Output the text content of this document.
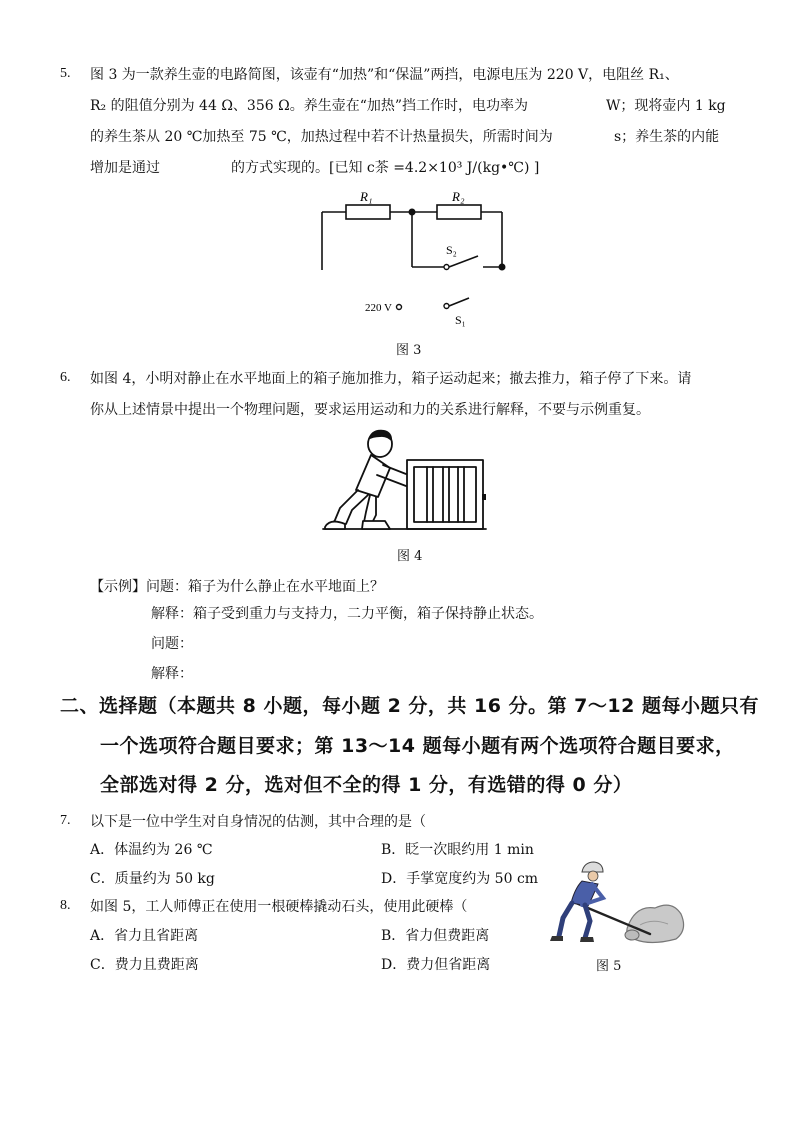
5. 图 3 为一款养生壶的电路简图，该壶有“加热”和“保温”两挡，电源电压为 220 V，电阻丝 R₁、
R₂ 的阻值分别为 44 Ω、356 Ω。养生壶在“加热”挡工作时，电功率为	W；现将壶内 1 kg
的养生茶从 20 ℃加热至 75 ℃，加热过程中若不计热量损失，所需时间为	s；养生茶的内能
增加是通过	的方式实现的。[已知 c茶 =4.2×10³ J/(kg•℃) ]
R₁	R₂
S₂
S₁
220 V
图 3
6. 如图 4，小明对静止在水平地面上的箱子施加推力，箱子运动起来；撤去推力，箱子停了下来。请
你从上述情景中提出一个物理问题，要求运用运动和力的关系进行解释，不要与示例重复。
图 4
【示例】问题：箱子为什么静止在水平地面上？
解释：箱子受到重力与支持力，二力平衡，箱子保持静止状态。
问题：
解释：
二、选择题（本题共 8 小题，每小题 2 分，共 16 分。第 7～12 题每小题只有
一个选项符合题目要求；第 13～14 题每小题有两个选项符合题目要求，
全部选对得 2 分，选对但不全的得 1 分，有选错的得 0 分）
7. 以下是一位中学生对自身情况的估测，其中合理的是（
A．体温约为 26 ℃	B．眨一次眼约用 1 min
C．质量约为 50 kg	D．手掌宽度约为 50 cm
8. 如图 5，工人师傅正在使用一根硬棒撬动石头，使用此硬棒（
A．省力且省距离	B．省力但费距离
C．费力且费距离	D．费力但省距离	图 5
